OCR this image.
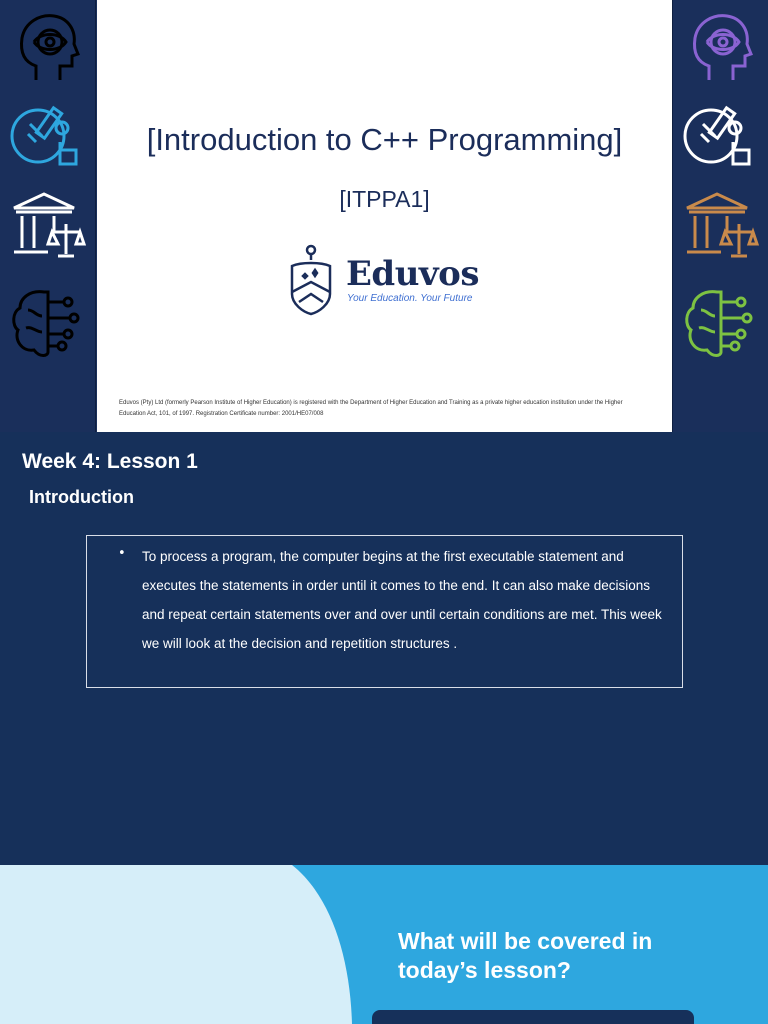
[Introduction to C++ Programming]
[ITPPA1]
Eduvos
Your Education. Your Future
Eduvos (Pty) Ltd (formerly Pearson Institute of Higher Education) is registered with the Department of Higher Education and Training as a private higher education institution under the Higher Education Act, 101, of 1997. Registration Certificate number: 2001/HE07/008
Week 4: Lesson 1
Introduction
• To process a program, the computer begins at the first executable statement and executes the statements in order until it comes to the end. It can also make decisions and repeat certain statements over and over until certain conditions are met. This week we will look at the decision and repetition structures .
What will be covered in today’s lesson?
